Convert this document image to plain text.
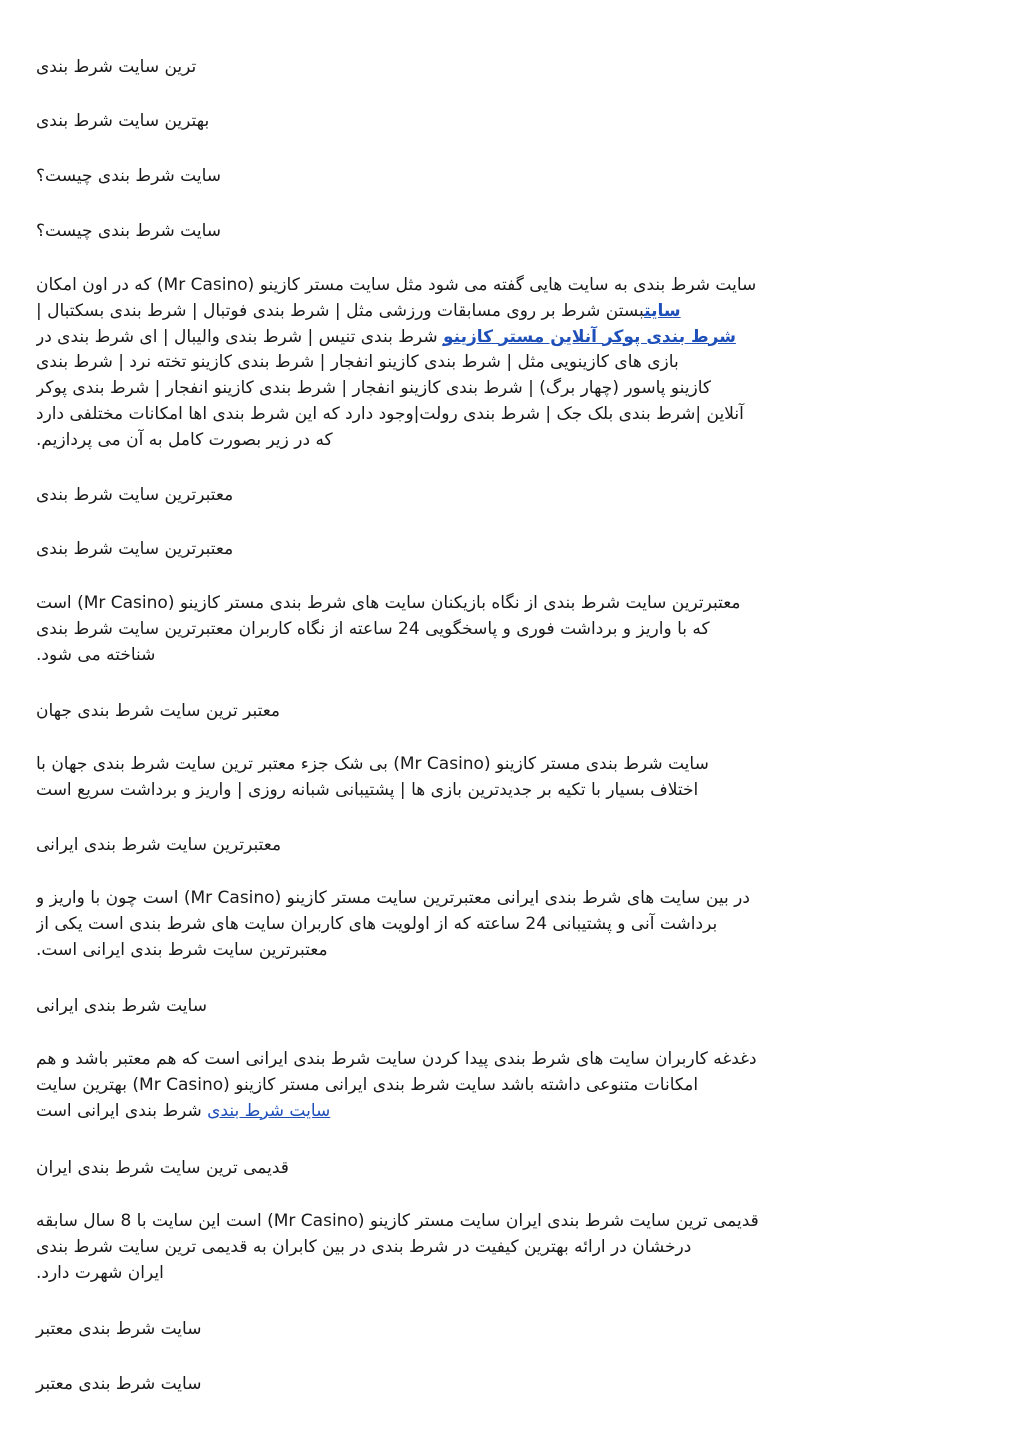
ترین سایت شرط بندی
بهترین سایت شرط بندی
سایت شرط بندی چیست؟
سایت شرط بندی چیست؟
سایت شرط بندی به سایت هایی گفته می شود مثل سایت مستر کازینو (Mr Casino) که در اون امکان
سایتبستن شرط بر روی مسابقات ورزشی مثل | شرط بندی فوتبال | شرط بندی بسکتبال |
شرط بندی پوکر آنلاین مستر کازینو شرط بندی تنیس | شرط بندی والیبال | ای شرط بندی در
بازی های کازینویی مثل | شرط بندی کازینو انفجار | شرط بندی کازینو تخته نرد | شرط بندی
کازینو پاسور (چهار برگ) | شرط بندی کازینو انفجار | شرط بندی کازینو انفجار | شرط بندی پوکر
آنلاین |شرط بندی بلک جک | شرط بندی رولت|وجود دارد که این شرط بندی اها امکانات مختلفی دارد
که در زیر بصورت کامل به آن می پردازیم.
معتبرترین سایت شرط بندی
معتبرترین سایت شرط بندی
معتبرترین سایت شرط بندی از نگاه بازیکنان سایت های شرط بندی مستر کازینو (Mr Casino) است
که با واریز و برداشت فوری و پاسخگویی 24 ساعته از نگاه کاربران معتبرترین سایت شرط بندی
شناخته می شود.
معتبر ترین سایت شرط بندی جهان
سایت شرط بندی مستر کازینو (Mr Casino) بی شک جزء معتبر ترین سایت شرط بندی جهان با
اختلاف بسیار با تکیه بر جدیدترین بازی ها | پشتیبانی شبانه روزی | واریز و برداشت سریع است
معتبرترین سایت شرط بندی ایرانی
در بین سایت های شرط بندی ایرانی معتبرترین سایت مستر کازینو (Mr Casino) است چون با واریز و
برداشت آنی و پشتیبانی 24 ساعته که از اولویت های کاربران سایت های شرط بندی است یکی از
معتبرترین سایت شرط بندی ایرانی است.
سایت شرط بندی ایرانی
دغدغه کاربران سایت های شرط بندی پیدا کردن سایت شرط بندی ایرانی است که هم معتبر باشد و هم
امکانات متنوعی داشته باشد سایت شرط بندی ایرانی مستر کازینو (Mr Casino) بهترین سایت
سایت شرط بندی شرط بندی ایرانی است
قدیمی ترین سایت شرط بندی ایران
قدیمی ترین سایت شرط بندی ایران سایت مستر کازینو (Mr Casino) است این سایت با 8 سال سابقه
درخشان در ارائه بهترین کیفیت در شرط بندی در بین کابران به قدیمی ترین سایت شرط بندی
ایران شهرت دارد.
سایت شرط بندی معتبر
سایت شرط بندی معتبر
